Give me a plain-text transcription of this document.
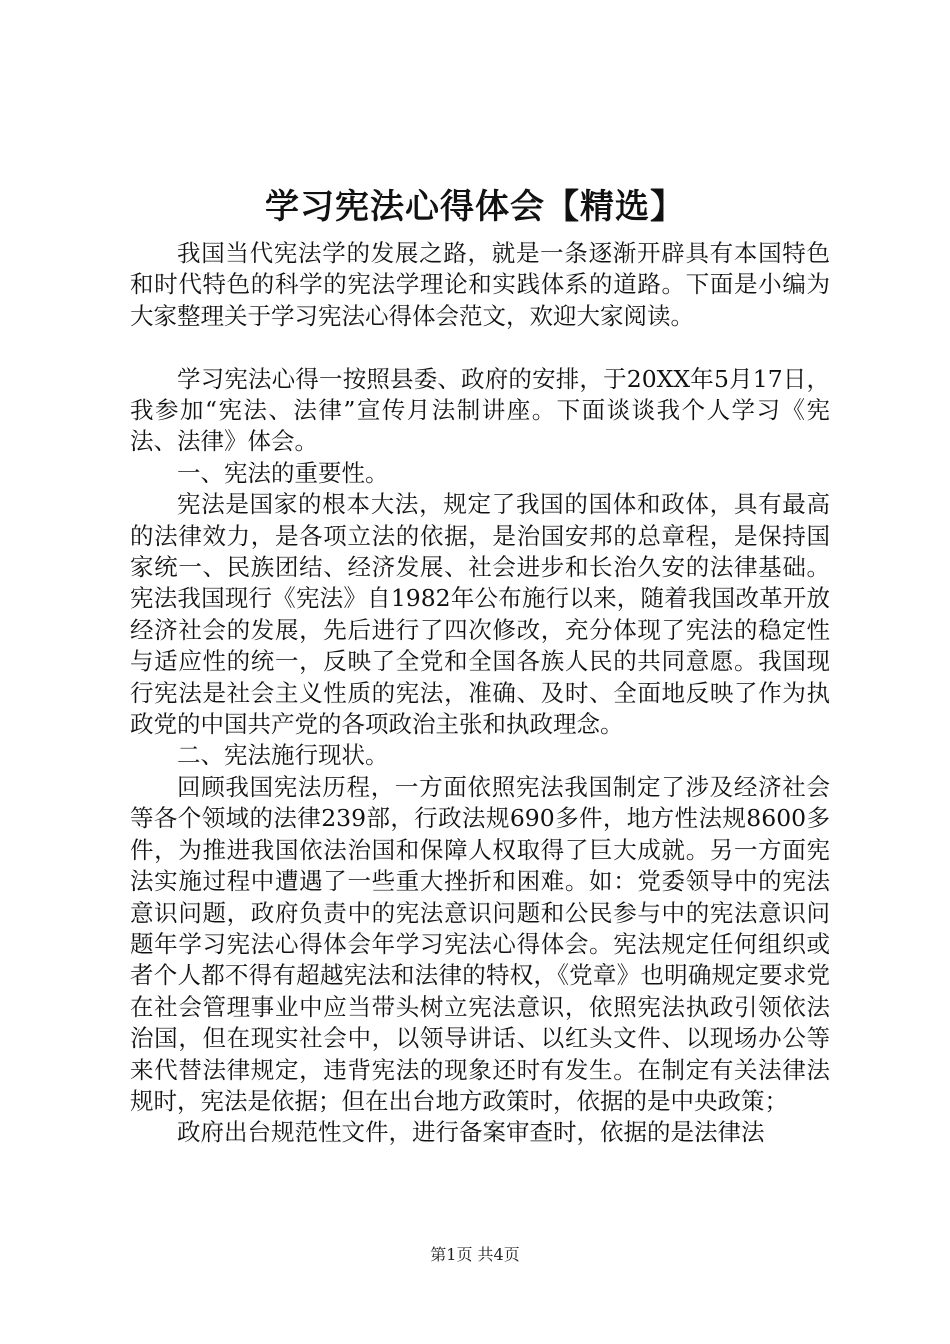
学习宪法心得体会【精选】

我国当代宪法学的发展之路，就是一条逐渐开辟具有本国特色和时代特色的科学的宪法学理论和实践体系的道路。下面是小编为大家整理关于学习宪法心得体会范文，欢迎大家阅读。

学习宪法心得一按照县委、政府的安排，于20XX年5月17日，我参加“宪法、法律”宣传月法制讲座。下面谈谈我个人学习《宪法、法律》体会。

一、宪法的重要性。

宪法是国家的根本大法，规定了我国的国体和政体，具有最高的法律效力，是各项立法的依据，是治国安邦的总章程，是保持国家统一、民族团结、经济发展、社会进步和长治久安的法律基础。宪法我国现行《宪法》自1982年公布施行以来，随着我国改革开放经济社会的发展，先后进行了四次修改，充分体现了宪法的稳定性与适应性的统一，反映了全党和全国各族人民的共同意愿。我国现行宪法是社会主义性质的宪法，准确、及时、全面地反映了作为执政党的中国共产党的各项政治主张和执政理念。

二、宪法施行现状。

回顾我国宪法历程，一方面依照宪法我国制定了涉及经济社会等各个领域的法律239部，行政法规690多件，地方性法规8600多件，为推进我国依法治国和保障人权取得了巨大成就。另一方面宪法实施过程中遭遇了一些重大挫折和困难。如：党委领导中的宪法意识问题，政府负责中的宪法意识问题和公民参与中的宪法意识问题年学习宪法心得体会年学习宪法心得体会。宪法规定任何组织或者个人都不得有超越宪法和法律的特权，《党章》也明确规定要求党在社会管理事业中应当带头树立宪法意识，依照宪法执政引领依法治国，但在现实社会中，以领导讲话、以红头文件、以现场办公等来代替法律规定，违背宪法的现象还时有发生。在制定有关法律法规时，宪法是依据；但在出台地方政策时，依据的是中央政策；

政府出台规范性文件，进行备案审查时，依据的是法律法

第1页 共4页
